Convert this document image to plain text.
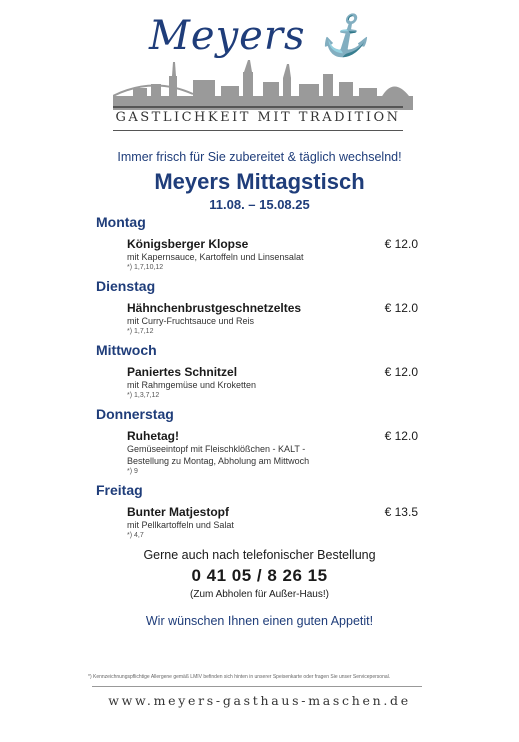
Meyers ⚓
GASTLICHKEIT MIT TRADITION
Immer frisch für Sie zubereitet & täglich wechselnd!
Meyers Mittagstisch
11.08. – 15.08.25
Montag
Königsberger Klopse	€ 12.0
mit Kapernsauce, Kartoffeln und Linsensalat
*) 1,7,10,12
Dienstag
Hähnchenbrustgeschnetzeltes	€ 12.0
mit Curry-Fruchtsauce und Reis
*) 1,7,12
Mittwoch
Paniertes Schnitzel	€ 12.0
mit Rahmgemüse und Kroketten
*) 1,3,7,12
Donnerstag
Ruhetag!	€ 12.0
Gemüseeintopf mit Fleischklößchen - KALT -
Bestellung zu Montag, Abholung am Mittwoch
*) 9
Freitag
Bunter Matjestopf	€ 13.5
mit Pellkartoffeln und Salat
*) 4,7
Gerne auch nach telefonischer Bestellung
0 41 05 / 8 26 15
(Zum Abholen für Außer-Haus!)
Wir wünschen Ihnen einen guten Appetit!
*) Kennzeichnungspflichtige Allergene gemäß LMIV befinden sich hinten in unserer Speisenkarte oder fragen Sie unser Servicepersonal.
www.meyers-gasthaus-maschen.de
